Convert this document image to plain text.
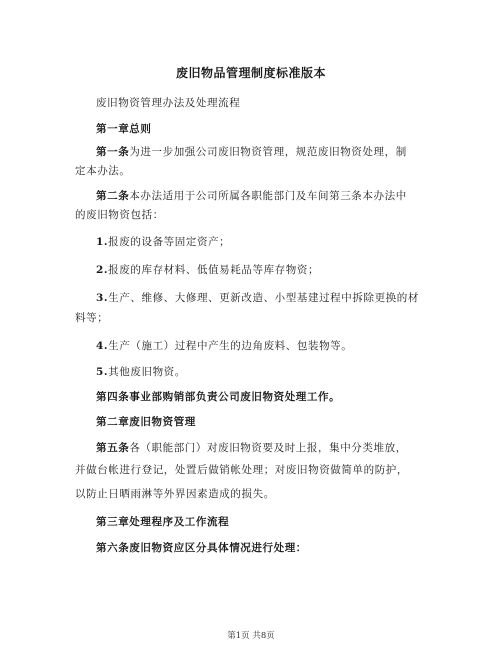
废旧物品管理制度标准版本
废旧物资管理办法及处理流程
第一章总则
第一条为进一步加强公司废旧物资管理，规范废旧物资处理，制
定本办法。
第二条本办法适用于公司所属各职能部门及车间第三条本办法中
的废旧物资包括：
1.报废的设备等固定资产；
2.报废的库存材料、低值易耗品等库存物资；
3.生产、维修、大修理、更新改造、小型基建过程中拆除更换的材
料等；
4.生产（施工）过程中产生的边角废料、包装物等。
5.其他废旧物资。
第四条事业部购销部负责公司废旧物资处理工作。
第二章废旧物资管理
第五条各（职能部门）对废旧物资要及时上报，集中分类堆放，
并做台帐进行登记，处置后做销帐处理；对废旧物资做简单的防护，
以防止日晒雨淋等外界因素造成的损失。
第三章处理程序及工作流程
第六条废旧物资应区分具体情况进行处理：
第1页 共8页
